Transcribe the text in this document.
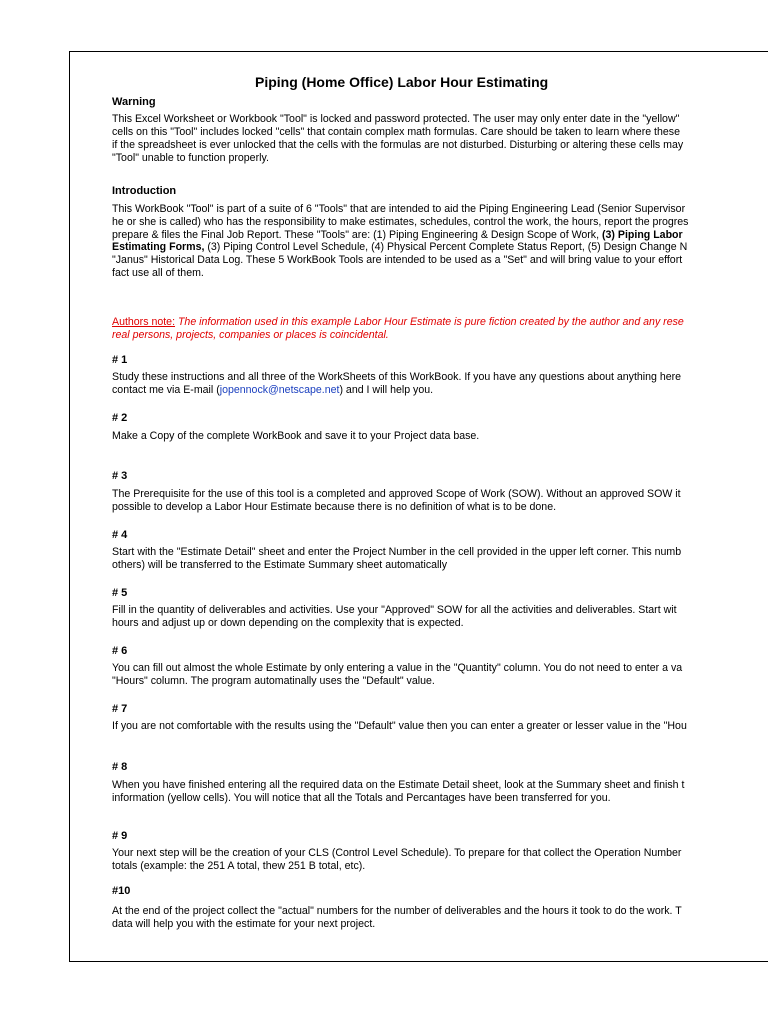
Piping (Home Office) Labor Hour Estimating
Warning
This Excel Worksheet or Workbook "Tool" is locked and password protected. The user may only enter date in the "yellow"
cells on this "Tool" includes locked "cells" that contain complex math formulas. Care should be taken to learn where these
if the spreadsheet is ever unlocked that the cells with the formulas are not disturbed. Disturbing or altering these cells may
"Tool" unable to function properly.
Introduction
This WorkBook "Tool" is part of a suite of 6 "Tools" that are intended to aid the Piping Engineering Lead (Senior Supervisor
he or she is called) who has the responsibility to make estimates, schedules, control the work, the hours, report the progres
prepare & files the Final Job Report. These "Tools" are: (1) Piping Engineering & Design Scope of Work, (3) Piping Labor
Estimating Forms, (3) Piping Control Level Schedule, (4) Physical Percent Complete Status Report, (5) Design Change N
"Janus" Historical Data Log. These 5 WorkBook Tools are intended to be used as a "Set" and will bring value to your effort
fact use all of them.
Authors note: The information used in this example Labor Hour Estimate is pure fiction created by the author and any rese
real persons, projects, companies or places is coincidental.
# 1
Study these instructions and all three of the WorkSheets of this WorkBook. If you have any questions about anything here
contact me via E-mail (jopennock@netscape.net) and I will help you.
# 2
Make a Copy of the complete WorkBook and save it to your Project data base.
# 3
The Prerequisite for the use of this tool is a completed and approved Scope of Work (SOW). Without an approved SOW it
possible to develop a Labor Hour Estimate because there is no definition of what is to be done.
# 4
Start with the "Estimate Detail" sheet and enter the Project Number in the cell provided in the upper left corner. This numb
others) will be transferred to the Estimate Summary sheet automatically
# 5
Fill in the quantity of deliverables and activities. Use your "Approved" SOW for all the activities and deliverables. Start wit
hours and adjust up or down depending on the complexity that is expected.
# 6
You can fill out almost the whole Estimate by only entering a value in the "Quantity" column. You do not need to enter a va
"Hours" column. The program automatinally uses the "Default" value.
# 7
If you are not comfortable with the results using the "Default" value then you can enter a greater or lesser value in the "Hou
# 8
When you have finished entering all the required data on the Estimate Detail sheet, look at the Summary sheet and finish t
information (yellow cells). You will notice that all the Totals and Percantages have been transferred for you.
# 9
Your next step will be the creation of your CLS (Control Level Schedule). To prepare for that collect the Operation Number
totals (example: the 251 A total, thew 251 B total, etc).
#10
At the end of the project collect the "actual" numbers for the number of deliverables and the hours it took to do the work. T
data will help you with the estimate for your next project.
